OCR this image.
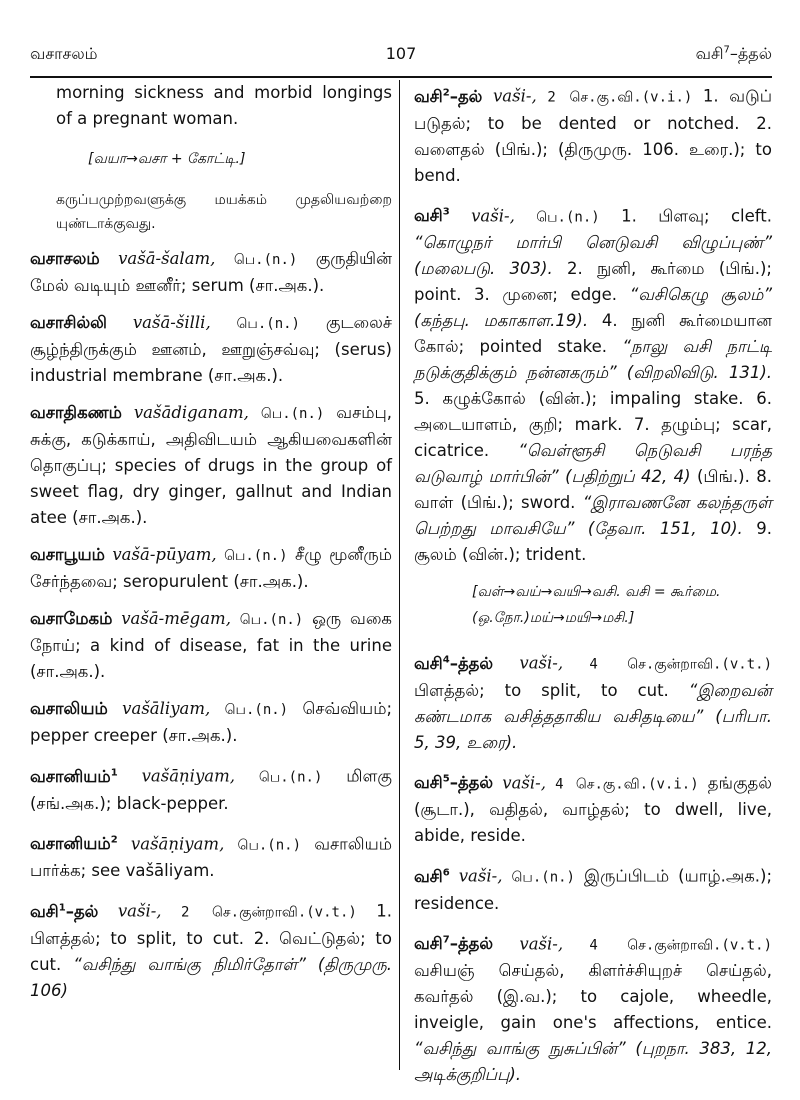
வசாசலம்	107	வசி$^7$–த்தல்
morning sickness and morbid longings of a pregnant woman.
[வயா→வசா + கோட்டி.]
கருப்பமுற்றவளுக்கு மயக்கம் முதலியவற்றை யுண்டாக்குவது.
வசாசலம் vašā-šalam, பெ.(n.) குருதியின் மேல் வடியும் ஊனீர்; serum (சா.அக.).
வசாசில்லி vašā-šilli, பெ.(n.) குடலைச் சூழ்ந்திருக்கும் ஊனம், ஊறுஞ்சவ்வு; (serus) industrial membrane (சா.அக.).
வசாதிகணம் vašādiganam, பெ.(n.) வசம்பு, சுக்கு, கடுக்காய், அதிவிடயம் ஆகியவைகளின் தொகுப்பு; species of drugs in the group of sweet flag, dry ginger, gallnut and Indian atee (சா.அக.).
வசாபூயம் vašā-pūyam, பெ.(n.) சீழு மூனீரும் சேர்ந்தவை; seropurulent (சா.அக.).
வசாமேகம் vašā-mēgam, பெ.(n.) ஒரு வகை நோய்; a kind of disease, fat in the urine (சா.அக.).
வசாலியம் vašāliyam, பெ.(n.) செவ்வியம்; pepper creeper (சா.அக.).
வசானியம்$^1$ vašāṇiyam, பெ.(n.) மிளகு (சங்.அக.); black-pepper.
வசானியம்$^2$ vašāṇiyam, பெ.(n.) வசாலியம் பார்க்க; see vašāliyam.
வசி$^1$–தல் vaši-, 2 செ.குன்றாவி.(v.t.) 1. பிளத்தல்; to split, to cut. 2. வெட்டுதல்; to cut. “வசிந்து வாங்கு நிமிர்தோள்” (திருமுரு. 106)
வசி$^2$–தல் vaši-, 2 செ.கு.வி.(v.i.) 1. வடுப் படுதல்; to be dented or notched. 2. வளைதல் (பிங்.); (திருமுரு. 106. உரை.); to bend.
வசி$^3$ vaši-, பெ.(n.) 1. பிளவு; cleft. “கொழுநர் மார்பி னெடுவசி விழுப்புண்” (மலைபடு. 303). 2. நுனி, கூர்மை (பிங்.); point. 3. முனை; edge. “வசிகெழு சூலம்” (கந்தபு. மகாகாள.19). 4. நுனி கூர்மையான கோல்; pointed stake. “நாலு வசி நாட்டி நடுக்குதிக்கும் நன்னகரும்” (விறலிவிடு. 131). 5. கழுக்கோல் (வின்.); impaling stake. 6. அடையாளம், குறி; mark. 7. தழும்பு; scar, cicatrice. “வெள்ளூசி நெடுவசி பரந்த வடுவாழ் மார்பின்” (பதிற்றுப் 42, 4) (பிங்.). 8. வாள் (பிங்.); sword. “இராவணனே கலந்தருள் பெற்றது மாவசியே” (தேவா. 151, 10). 9. சூலம் (வின்.); trident.
[வள்→வய்→வயி→வசி. வசி = கூர்மை. (ஒ.நோ.)மய்→மயி→மசி.]
வசி$^4$–த்தல் vaši-, 4 செ.குன்றாவி.(v.t.) பிளத்தல்; to split, to cut. “இறைவன் கண்டமாக வசித்ததாகிய வசிதடியை” (பரிபா. 5, 39, உரை).
வசி$^5$–த்தல் vaši-, 4 செ.கு.வி.(v.i.) தங்குதல் (சூடா.), வதிதல், வாழ்தல்; to dwell, live, abide, reside.
வசி$^6$ vaši-, பெ.(n.) இருப்பிடம் (யாழ்.அக.); residence.
வசி$^7$–த்தல் vaši-, 4 செ.குன்றாவி.(v.t.) வசியஞ் செய்தல், கிளர்ச்சியுறச் செய்தல், கவர்தல் (இ.வ.); to cajole, wheedle, inveigle, gain one's affections, entice. “வசிந்து வாங்கு நுசுப்பின்” (புறநா. 383, 12, அடிக்குறிப்பு).
